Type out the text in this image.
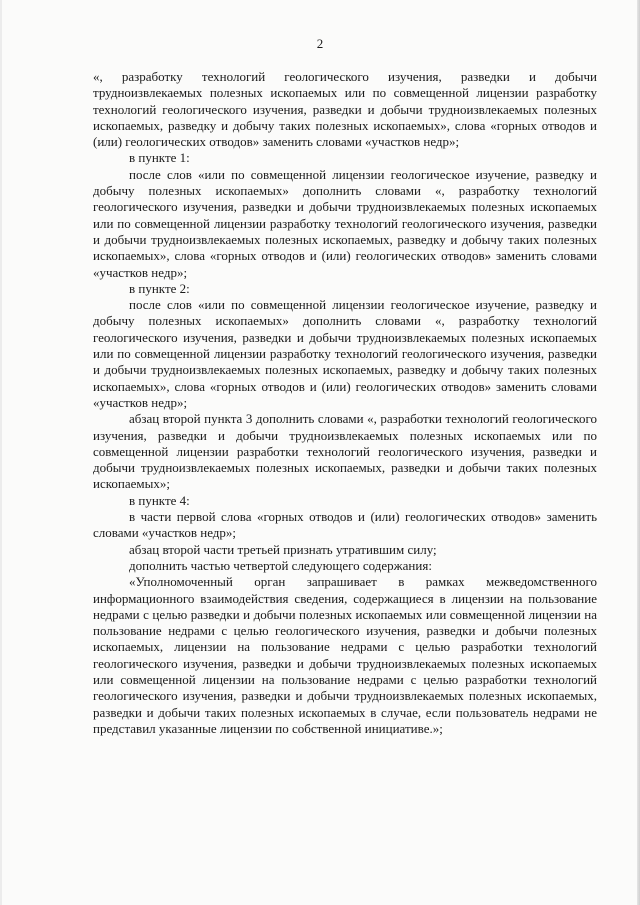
2

«, разработку технологий геологического изучения, разведки и добычи трудноизвлекаемых полезных ископаемых или по совмещенной лицензии разработку технологий геологического изучения, разведки и добычи трудноизвлекаемых полезных ископаемых, разведку и добычу таких полезных ископаемых», слова «горных отводов и (или) геологических отводов» заменить словами «участков недр»;

в пункте 1:

после слов «или по совмещенной лицензии геологическое изучение, разведку и добычу полезных ископаемых» дополнить словами «, разработку технологий геологического изучения, разведки и добычи трудноизвлекаемых полезных ископаемых или по совмещенной лицензии разработку технологий геологического изучения, разведки и добычи трудноизвлекаемых полезных ископаемых, разведку и добычу таких полезных ископаемых», слова «горных отводов и (или) геологических отводов» заменить словами «участков недр»;

в пункте 2:

после слов «или по совмещенной лицензии геологическое изучение, разведку и добычу полезных ископаемых» дополнить словами «, разработку технологий геологического изучения, разведки и добычи трудноизвлекаемых полезных ископаемых или по совмещенной лицензии разработку технологий геологического изучения, разведки и добычи трудноизвлекаемых полезных ископаемых, разведку и добычу таких полезных ископаемых», слова «горных отводов и (или) геологических отводов» заменить словами «участков недр»;

абзац второй пункта 3 дополнить словами «, разработки технологий геологического изучения, разведки и добычи трудноизвлекаемых полезных ископаемых или по совмещенной лицензии разработки технологий геологического изучения, разведки и добычи трудноизвлекаемых полезных ископаемых, разведки и добычи таких полезных ископаемых»;

в пункте 4:

в части первой слова «горных отводов и (или) геологических отводов» заменить словами «участков недр»;

абзац второй части третьей признать утратившим силу;

дополнить частью четвертой следующего содержания:

«Уполномоченный орган запрашивает в рамках межведомственного информационного взаимодействия сведения, содержащиеся в лицензии на пользование недрами с целью разведки и добычи полезных ископаемых или совмещенной лицензии на пользование недрами с целью геологического изучения, разведки и добычи полезных ископаемых, лицензии на пользование недрами с целью разработки технологий геологического изучения, разведки и добычи трудноизвлекаемых полезных ископаемых или совмещенной лицензии на пользование недрами с целью разработки технологий геологического изучения, разведки и добычи трудноизвлекаемых полезных ископаемых, разведки и добычи таких полезных ископаемых в случае, если пользователь недрами не представил указанные лицензии по собственной инициативе.»;
